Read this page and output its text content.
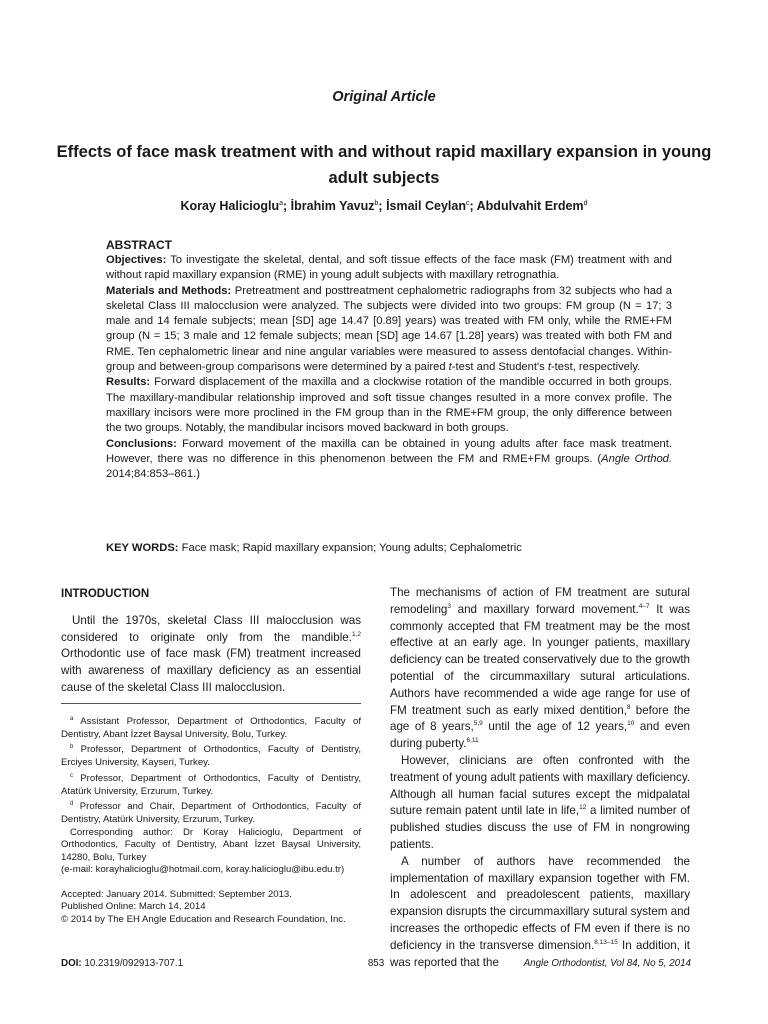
Original Article
Effects of face mask treatment with and without rapid maxillary expansion in young adult subjects
Koray Halicioglu$^a$; İbrahim Yavuz$^b$; İsmail Ceylan$^c$; Abdulvahit Erdem$^d$
ABSTRACT

Objectives: To investigate the skeletal, dental, and soft tissue effects of the face mask (FM) treatment with and without rapid maxillary expansion (RME) in young adult subjects with maxillary retrognathia.

Materials and Methods: Pretreatment and posttreatment cephalometric radiographs from 32 subjects who had a skeletal Class III malocclusion were analyzed. The subjects were divided into two groups: FM group (N = 17; 3 male and 14 female subjects; mean [SD] age 14.47 [0.89] years) was treated with FM only, while the RME+FM group (N = 15; 3 male and 12 female subjects; mean [SD] age 14.67 [1.28] years) was treated with both FM and RME. Ten cephalometric linear and nine angular variables were measured to assess dentofacial changes. Within-group and between-group comparisons were determined by a paired t-test and Student's t-test, respectively.

Results: Forward displacement of the maxilla and a clockwise rotation of the mandible occurred in both groups. The maxillary-mandibular relationship improved and soft tissue changes resulted in a more convex profile. The maxillary incisors were more proclined in the FM group than in the RME+FM group, the only difference between the two groups. Notably, the mandibular incisors moved backward in both groups.

Conclusions: Forward movement of the maxilla can be obtained in young adults after face mask treatment. However, there was no difference in this phenomenon between the FM and RME+FM groups. (Angle Orthod. 2014;84:853–861.)

KEY WORDS: Face mask; Rapid maxillary expansion; Young adults; Cephalometric
INTRODUCTION

Until the 1970s, skeletal Class III malocclusion was considered to originate only from the mandible.$^{1,2}$ Orthodontic use of face mask (FM) treatment increased with awareness of maxillary deficiency as an essential cause of the skeletal Class III malocclusion.

$^a$ Assistant Professor, Department of Orthodontics, Faculty of Dentistry, Abant İzzet Baysal University, Bolu, Turkey.

$^b$ Professor, Department of Orthodontics, Faculty of Dentistry, Erciyes University, Kayseri, Turkey.

$^c$ Professor, Department of Orthodontics, Faculty of Dentistry, Atatürk University, Erzurum, Turkey.

$^d$ Professor and Chair, Department of Orthodontics, Faculty of Dentistry, Atatürk University, Erzurum, Turkey.

Corresponding author: Dr Koray Halicioglu, Department of Orthodontics, Faculty of Dentistry, Abant İzzet Baysal University, 14280, Bolu, Turkey

(e-mail: korayhalicioglu@hotmail.com, koray.halicioglu@ibu.edu.tr)

Accepted: January 2014. Submitted: September 2013.

Published Online: March 14, 2014

© 2014 by The EH Angle Education and Research Foundation, Inc.

The mechanisms of action of FM treatment are sutural remodeling$^3$ and maxillary forward movement.$^{4-7}$ It was commonly accepted that FM treatment may be the most effective at an early age. In younger patients, maxillary deficiency can be treated conservatively due to the growth potential of the circummaxillary sutural articulations. Authors have recommended a wide age range for use of FM treatment such as early mixed dentition,$^8$ before the age of 8 years,$^{5,9}$ until the age of 12 years,$^{10}$ and even during puberty.$^{6,11}$

However, clinicians are often confronted with the treatment of young adult patients with maxillary deficiency. Although all human facial sutures except the midpalatal suture remain patent until late in life,$^{12}$ a limited number of published studies discuss the use of FM in nongrowing patients.

A number of authors have recommended the implementation of maxillary expansion together with FM. In adolescent and preadolescent patients, maxillary expansion disrupts the circummaxillary sutural system and increases the orthopedic effects of FM even if there is no deficiency in the transverse dimension.$^{8,13-15}$ In addition, it was reported that the

DOI: 10.2319/092913-707.1	853	Angle Orthodontist, Vol 84, No 5, 2014
